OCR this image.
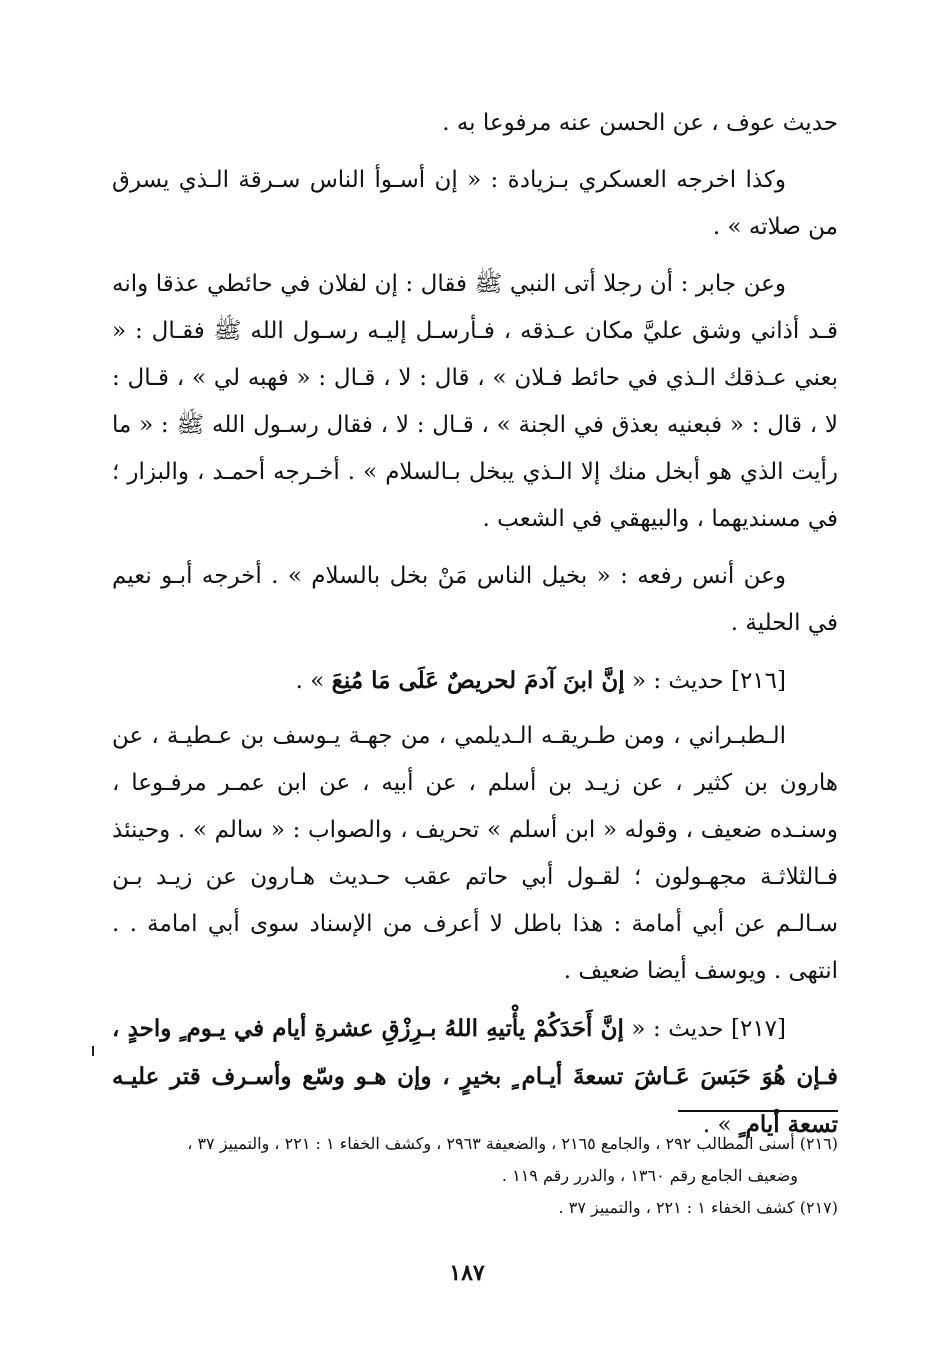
حديث عوف ، عن الحسن عنه مرفوعا به .

وكذا اخرجه العسكري بـزيادة : « إن أسـوأ الناس سـرقة الـذي يسرق من صلاته » .

وعن جابر : أن رجلا أتى النبي ﷺ فقال : إن لفلان في حائطي عذقا وانه قـد أذاني وشق عليَّ مكان عـذقه ، فـأرسـل إليـه رسـول الله ﷺ فقـال : « بعني عـذقك الـذي في حائط فـلان » ، قال : لا ، قـال : « فهبه لي » ، قـال : لا ، قال : « فبعنيه بعذق في الجنة » ، قـال : لا ، فقال رسـول الله ﷺ : « ما رأيت الذي هو أبخل منك إلا الـذي يبخل بـالسلام » . أخـرجه أحمـد ، والبزار ؛ في مسنديهما ، والبيهقي في الشعب .

وعن أنس رفعه : « بخيل الناس مَنْ بخل بالسلام » . أخرجه أبـو نعيم في الحلية .

[٢١٦] حديث : « إنَّ ابنَ آدمَ لحريصٌ عَلَى مَا مُنِعَ » .

الـطبـراني ، ومن طـريقـه الـديلمي ، من جهـة يـوسف بن عـطيـة ، عن هارون بن كثير ، عن زيـد بن أسلم ، عن أبيه ، عن ابن عمـر مرفـوعا ، وسنـده ضعيف ، وقوله « ابن أسلم » تحريف ، والصواب : « سالم » . وحينئذ فـالثلاثـة مجهـولون ؛ لقـول أبي حاتم عقب حـديث هـارون عن زيـد بـن سـالـم عن أبي أمامة : هذا باطل لا أعرف من الإسناد سوى أبي امامة . . انتهى . ويوسف أيضا ضعيف .

[٢١٧] حديث : « إنَّ أَحَدَكُمْ يأْتيهِ اللهُ بـرِزْقِ عشرةِ أيام في يـوم ٍ واحدٍ ، فـإن هُوَ حَبَسَ عَـاشَ تسعةَ أيـام ٍ بخيرٍ ، وإن هـو وسّع وأسـرف قتر عليـه تسعة أيام ٍ » .

(٢١٦) أسنى المطالب ٢٩٢ ، والجامع ٢١٦٥ ، والضعيفة ٢٩٦٣ ، وكشف الخفاء ١ : ٢٢١ ، والتمييز ٣٧ ،

وضعيف الجامع رقم ١٣٦٠ ، والدرر رقم ١١٩ .

(٢١٧) كشف الخفاء ١ : ٢٢١ ، والتمييز ٣٧ .

١٨٧
